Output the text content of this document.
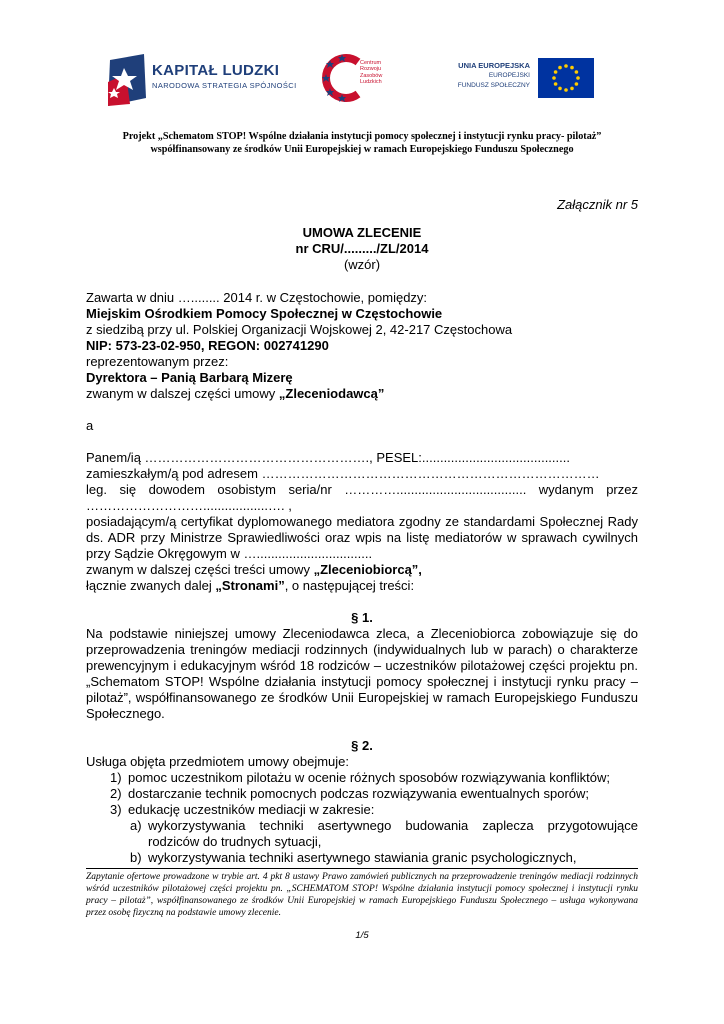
KAPITAŁ LUDZKI
NARODOWA STRATEGIA SPÓJNOŚCI
Centrum
Rozwoju
Zasobów
Ludzkich
UNIA EUROPEJSKA
EUROPEJSKI
FUNDUSZ SPOŁECZNY
Projekt „Schematom STOP! Wspólne działania instytucji pomocy społecznej i instytucji rynku pracy- pilotaż”
współfinansowany ze środków Unii Europejskiej w ramach Europejskiego Funduszu Społecznego
Załącznik nr 5
UMOWA ZLECENIE
nr CRU/........./ZL/2014
(wzór)

Zawarta w dniu …........ 2014 r. w Częstochowie, pomiędzy:

Miejskim Ośrodkiem Pomocy Społecznej w Częstochowie

z siedzibą przy ul. Polskiej Organizacji Wojskowej 2, 42-217 Częstochowa

NIP: 573-23-02-950, REGON: 002741290

reprezentowanym przez:

Dyrektora – Panią Barbarą Mizerę

zwanym w dalszej części umowy „Zleceniodawcą”

a

Panem/ią ……………………………………………., PESEL:.........................................

zamieszkałym/ą pod adresem ……………………………………………………………………

leg. się dowodem osobistym seria/nr ………….................................... wydanym przez

………………………..................…. ,

posiadającym/ą certyfikat dyplomowanego mediatora zgodny ze standardami Społecznej Rady ds. ADR przy Ministrze Sprawiedliwości oraz wpis na listę mediatorów w sprawach cywilnych przy Sądzie Okręgowym w …................................

zwanym w dalszej części treści umowy „Zleceniobiorcą”,

łącznie zwanych dalej „Stronami”, o następującej treści:

§ 1.

Na podstawie niniejszej umowy Zleceniodawca zleca, a Zleceniobiorca zobowiązuje się do przeprowadzenia treningów mediacji rodzinnych (indywidualnych lub w parach) o charakterze prewencyjnym i edukacyjnym wśród 18 rodziców – uczestników pilotażowej części projektu pn. „Schematom STOP! Wspólne działania instytucji pomocy społecznej i instytucji rynku pracy – pilotaż”, współfinansowanego ze środków Unii Europejskiej w ramach Europejskiego Funduszu Społecznego.

§ 2.

Usługa objęta przedmiotem umowy obejmuje:

1) pomoc uczestnikom pilotażu w ocenie różnych sposobów rozwiązywania konfliktów;
2) dostarczanie technik pomocnych podczas rozwiązywania ewentualnych sporów;
3) edukację uczestników mediacji w zakresie:
a) wykorzystywania techniki asertywnego budowania zaplecza przygotowujące rodziców do trudnych sytuacji,
b) wykorzystywania techniki asertywnego stawiania granic psychologicznych,
Zapytanie ofertowe prowadzone w trybie art. 4 pkt 8 ustawy Prawo zamówień publicznych na przeprowadzenie treningów mediacji rodzinnych wśród uczestników pilotażowej części projektu pn. „SCHEMATOM STOP! Wspólne działania instytucji pomocy społecznej i instytucji rynku pracy – pilotaż”, współfinansowanego ze środków Unii Europejskiej w ramach Europejskiego Funduszu Społecznego – usługa wykonywana przez osobę fizyczną na podstawie umowy zlecenie.
1/5
